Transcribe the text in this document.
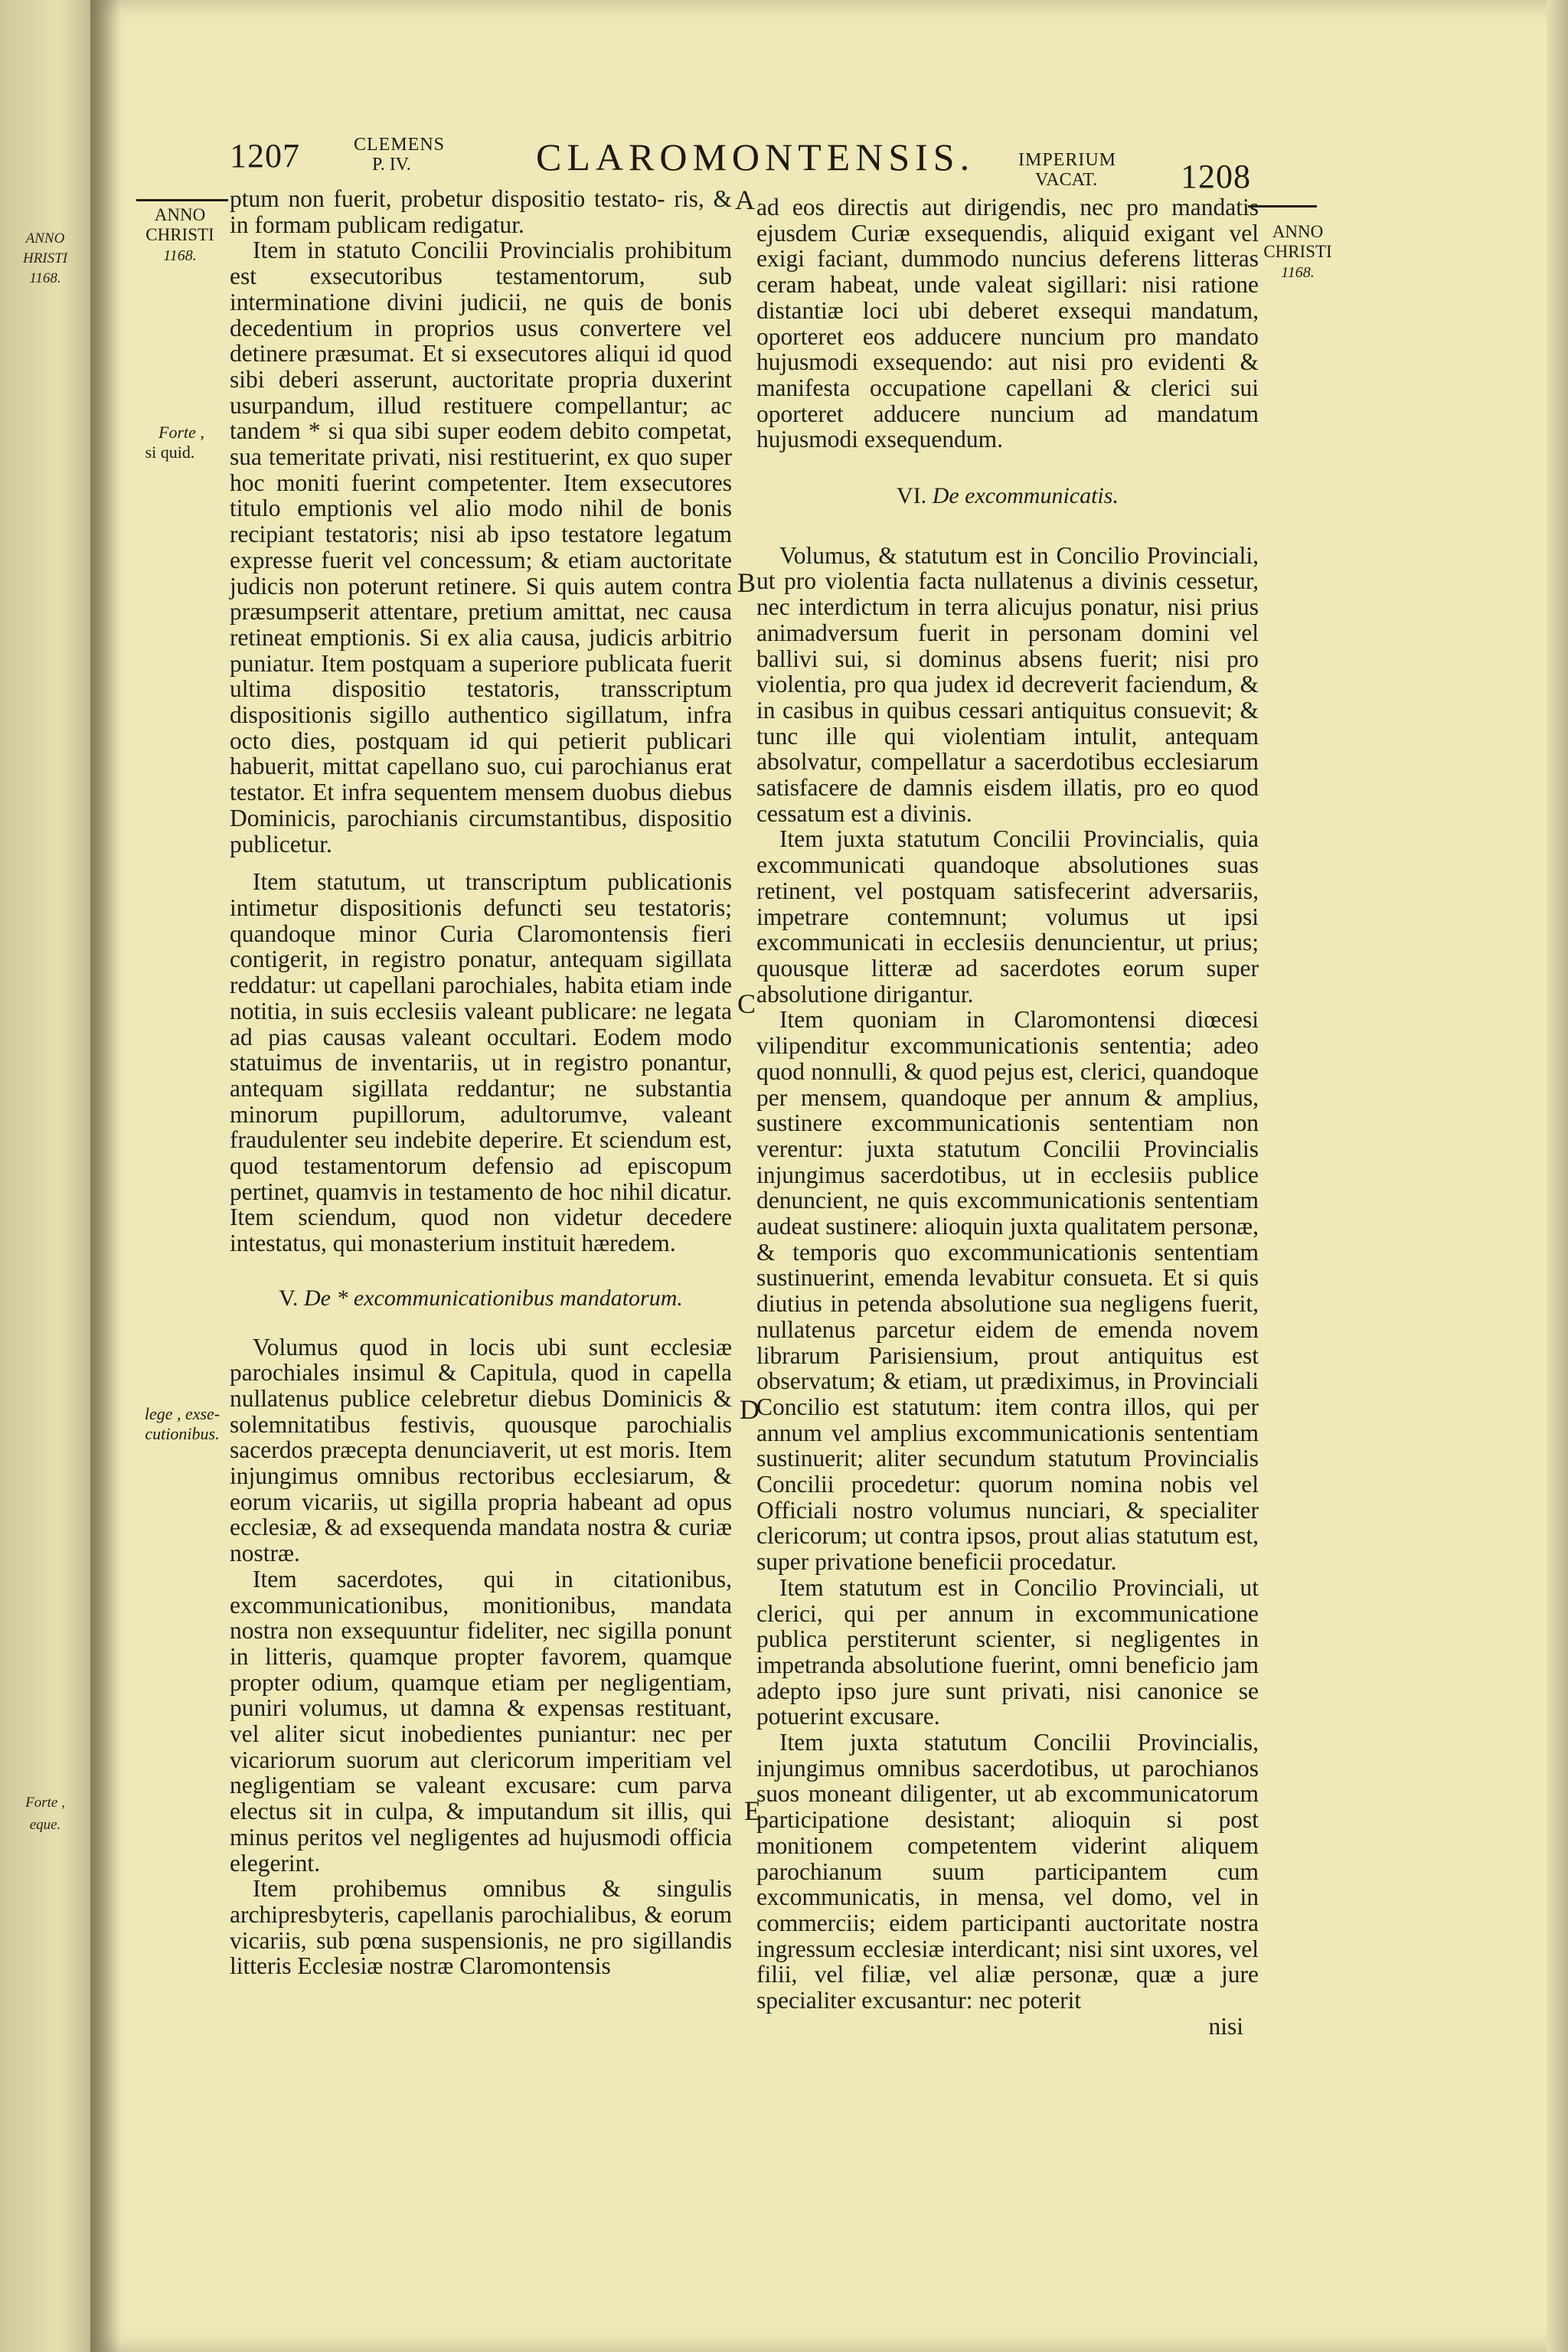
ANNO
HRISTI
1168.
Forte ,
eque.
1207	CLEMENS
P. IV.	CLAROMONTENSIS. IMPERIUM
VACAT. 1208
ANNO
CHRISTI
1168.
Forte ,
si quid.
lege , exse-
cutionibus.
ANNO
CHRISTI
1168.
A
B
C
D
E

ptum non fuerit, probetur dispositio testato- ris, & in formam publicam redigatur.

Item in statuto Concilii Provincialis prohibitum est exsecutoribus testamentorum, sub interminatione divini judicii, ne quis de bonis decedentium in proprios usus convertere vel detinere præsumat. Et si exsecutores aliqui id quod sibi deberi asserunt, auctoritate propria duxerint usurpandum, illud restituere compellantur; ac tandem * si qua sibi super eodem debito competat, sua temeritate privati, nisi restituerint, ex quo super hoc moniti fuerint competenter. Item exsecutores titulo emptionis vel alio modo nihil de bonis recipiant testatoris; nisi ab ipso testatore legatum expresse fuerit vel concessum; & etiam auctoritate judicis non poterunt retinere. Si quis autem contra præsumpserit attentare, pretium amittat, nec causa retineat emptionis. Si ex alia causa, judicis arbitrio puniatur. Item postquam a superiore publicata fuerit ultima dispositio testatoris, transscriptum dispositionis sigillo authentico sigillatum, infra octo dies, postquam id qui petierit publicari habuerit, mittat capellano suo, cui parochianus erat testator. Et infra sequentem mensem duobus diebus Dominicis, parochianis circumstantibus, dispositio publicetur.

Item statutum, ut transcriptum publicationis intimetur dispositionis defuncti seu testatoris; quandoque minor Curia Claromontensis fieri contigerit, in registro ponatur, antequam sigillata reddatur: ut capellani parochiales, habita etiam inde notitia, in suis ecclesiis valeant publicare: ne legata ad pias causas valeant occultari. Eodem modo statuimus de inventariis, ut in registro ponantur, antequam sigillata reddantur; ne substantia minorum pupillorum, adultorumve, valeant fraudulenter seu indebite deperire. Et sciendum est, quod testamentorum defensio ad episcopum pertinet, quamvis in testamento de hoc nihil dicatur. Item sciendum, quod non videtur decedere intestatus, qui monasterium instituit hæredem.

V. De * excommunicationibus mandatorum.

Volumus quod in locis ubi sunt ecclesiæ parochiales insimul & Capitula, quod in capella nullatenus publice celebretur diebus Dominicis & solemnitatibus festivis, quousque parochialis sacerdos præcepta denunciaverit, ut est moris. Item injungimus omnibus rectoribus ecclesiarum, & eorum vicariis, ut sigilla propria habeant ad opus ecclesiæ, & ad exsequenda mandata nostra & curiæ nostræ.

Item sacerdotes, qui in citationibus, excommunicationibus, monitionibus, mandata nostra non exsequuntur fideliter, nec sigilla ponunt in litteris, quamque propter favorem, quamque propter odium, quamque etiam per negligentiam, puniri volumus, ut damna & expensas restituant, vel aliter sicut inobedientes puniantur: nec per vicariorum suorum aut clericorum imperitiam vel negligentiam se valeant excusare: cum parva electus sit in culpa, & imputandum sit illis, qui minus peritos vel negligentes ad hujusmodi officia elegerint.

Item prohibemus omnibus & singulis archipresbyteris, capellanis parochialibus, & eorum vicariis, sub pœna suspensionis, ne pro sigillandis litteris Ecclesiæ nostræ Claromontensis

ad eos directis aut dirigendis, nec pro mandatis ejusdem Curiæ exsequendis, aliquid exigant vel exigi faciant, dummodo nuncius deferens litteras ceram habeat, unde valeat sigillari: nisi ratione distantiæ loci ubi deberet exsequi mandatum, oporteret eos adducere nuncium pro mandato hujusmodi exsequendo: aut nisi pro evidenti & manifesta occupatione capellani & clerici sui oporteret adducere nuncium ad mandatum hujusmodi exsequendum.

VI. De excommunicatis.

Volumus, & statutum est in Concilio Provinciali, ut pro violentia facta nullatenus a divinis cessetur, nec interdictum in terra alicujus ponatur, nisi prius animadversum fuerit in personam domini vel ballivi sui, si dominus absens fuerit; nisi pro violentia, pro qua judex id decreverit faciendum, & in casibus in quibus cessari antiquitus consuevit; & tunc ille qui violentiam intulit, antequam absolvatur, compellatur a sacerdotibus ecclesiarum satisfacere de damnis eisdem illatis, pro eo quod cessatum est a divinis.

Item juxta statutum Concilii Provincialis, quia excommunicati quandoque absolutiones suas retinent, vel postquam satisfecerint adversariis, impetrare contemnunt; volumus ut ipsi excommunicati in ecclesiis denuncientur, ut prius; quousque litteræ ad sacerdotes eorum super absolutione dirigantur.

Item quoniam in Claromontensi diœcesi vilipenditur excommunicationis sententia; adeo quod nonnulli, & quod pejus est, clerici, quandoque per mensem, quandoque per annum & amplius, sustinere excommunicationis sententiam non verentur: juxta statutum Concilii Provincialis injungimus sacerdotibus, ut in ecclesiis publice denuncient, ne quis excommunicationis sententiam audeat sustinere: alioquin juxta qualitatem personæ, & temporis quo excommunicationis sententiam sustinuerint, emenda levabitur consueta. Et si quis diutius in petenda absolutione sua negligens fuerit, nullatenus parcetur eidem de emenda novem librarum Parisiensium, prout antiquitus est observatum; & etiam, ut prædiximus, in Provinciali Concilio est statutum: item contra illos, qui per annum vel amplius excommunicationis sententiam sustinuerit; aliter secundum statutum Provincialis Concilii procedetur: quorum nomina nobis vel Officiali nostro volumus nunciari, & specialiter clericorum; ut contra ipsos, prout alias statutum est, super privatione beneficii procedatur.

Item statutum est in Concilio Provinciali, ut clerici, qui per annum in excommunicatione publica perstiterunt scienter, si negligentes in impetranda absolutione fuerint, omni beneficio jam adepto ipso jure sunt privati, nisi canonice se potuerint excusare.

Item juxta statutum Concilii Provincialis, injungimus omnibus sacerdotibus, ut parochianos suos moneant diligenter, ut ab excommunicatorum participatione desistant; alioquin si post monitionem competentem viderint aliquem parochianum suum participantem cum excommunicatis, in mensa, vel domo, vel in commerciis; eidem participanti auctoritate nostra ingressum ecclesiæ interdicant; nisi sint uxores, vel filii, vel filiæ, vel aliæ personæ, quæ a jure specialiter excusantur: nec poterit

nisi
